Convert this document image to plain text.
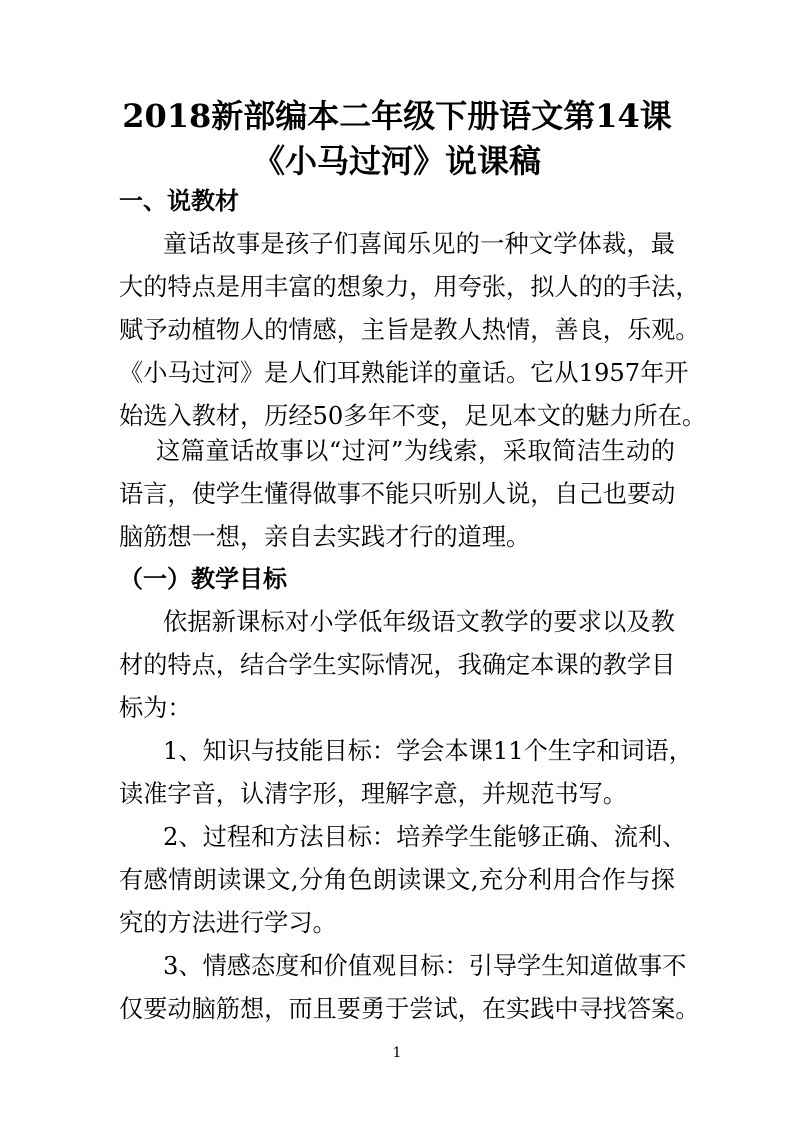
2018新部编本二年级下册语文第14课
《小马过河》说课稿
一、说教材
童话故事是孩子们喜闻乐见的一种文学体裁，最
大的特点是用丰富的想象力，用夸张，拟人的的手法，
赋予动植物人的情感，主旨是教人热情，善良，乐观。
《小马过河》是人们耳熟能详的童话。它从1957年开
始选入教材，历经50多年不变，足见本文的魅力所在。
这篇童话故事以“过河”为线索，采取简洁生动的
语言，使学生懂得做事不能只听别人说，自己也要动
脑筋想一想，亲自去实践才行的道理。
（一）教学目标
依据新课标对小学低年级语文教学的要求以及教
材的特点，结合学生实际情况，我确定本课的教学目
标为：
1、知识与技能目标：学会本课11个生字和词语，
读准字音，认清字形，理解字意，并规范书写。
2、过程和方法目标：培养学生能够正确、流利、
有感情朗读课文,分角色朗读课文,充分利用合作与探
究的方法进行学习。
3、情感态度和价值观目标：引导学生知道做事不
仅要动脑筋想，而且要勇于尝试，在实践中寻找答案。
1
